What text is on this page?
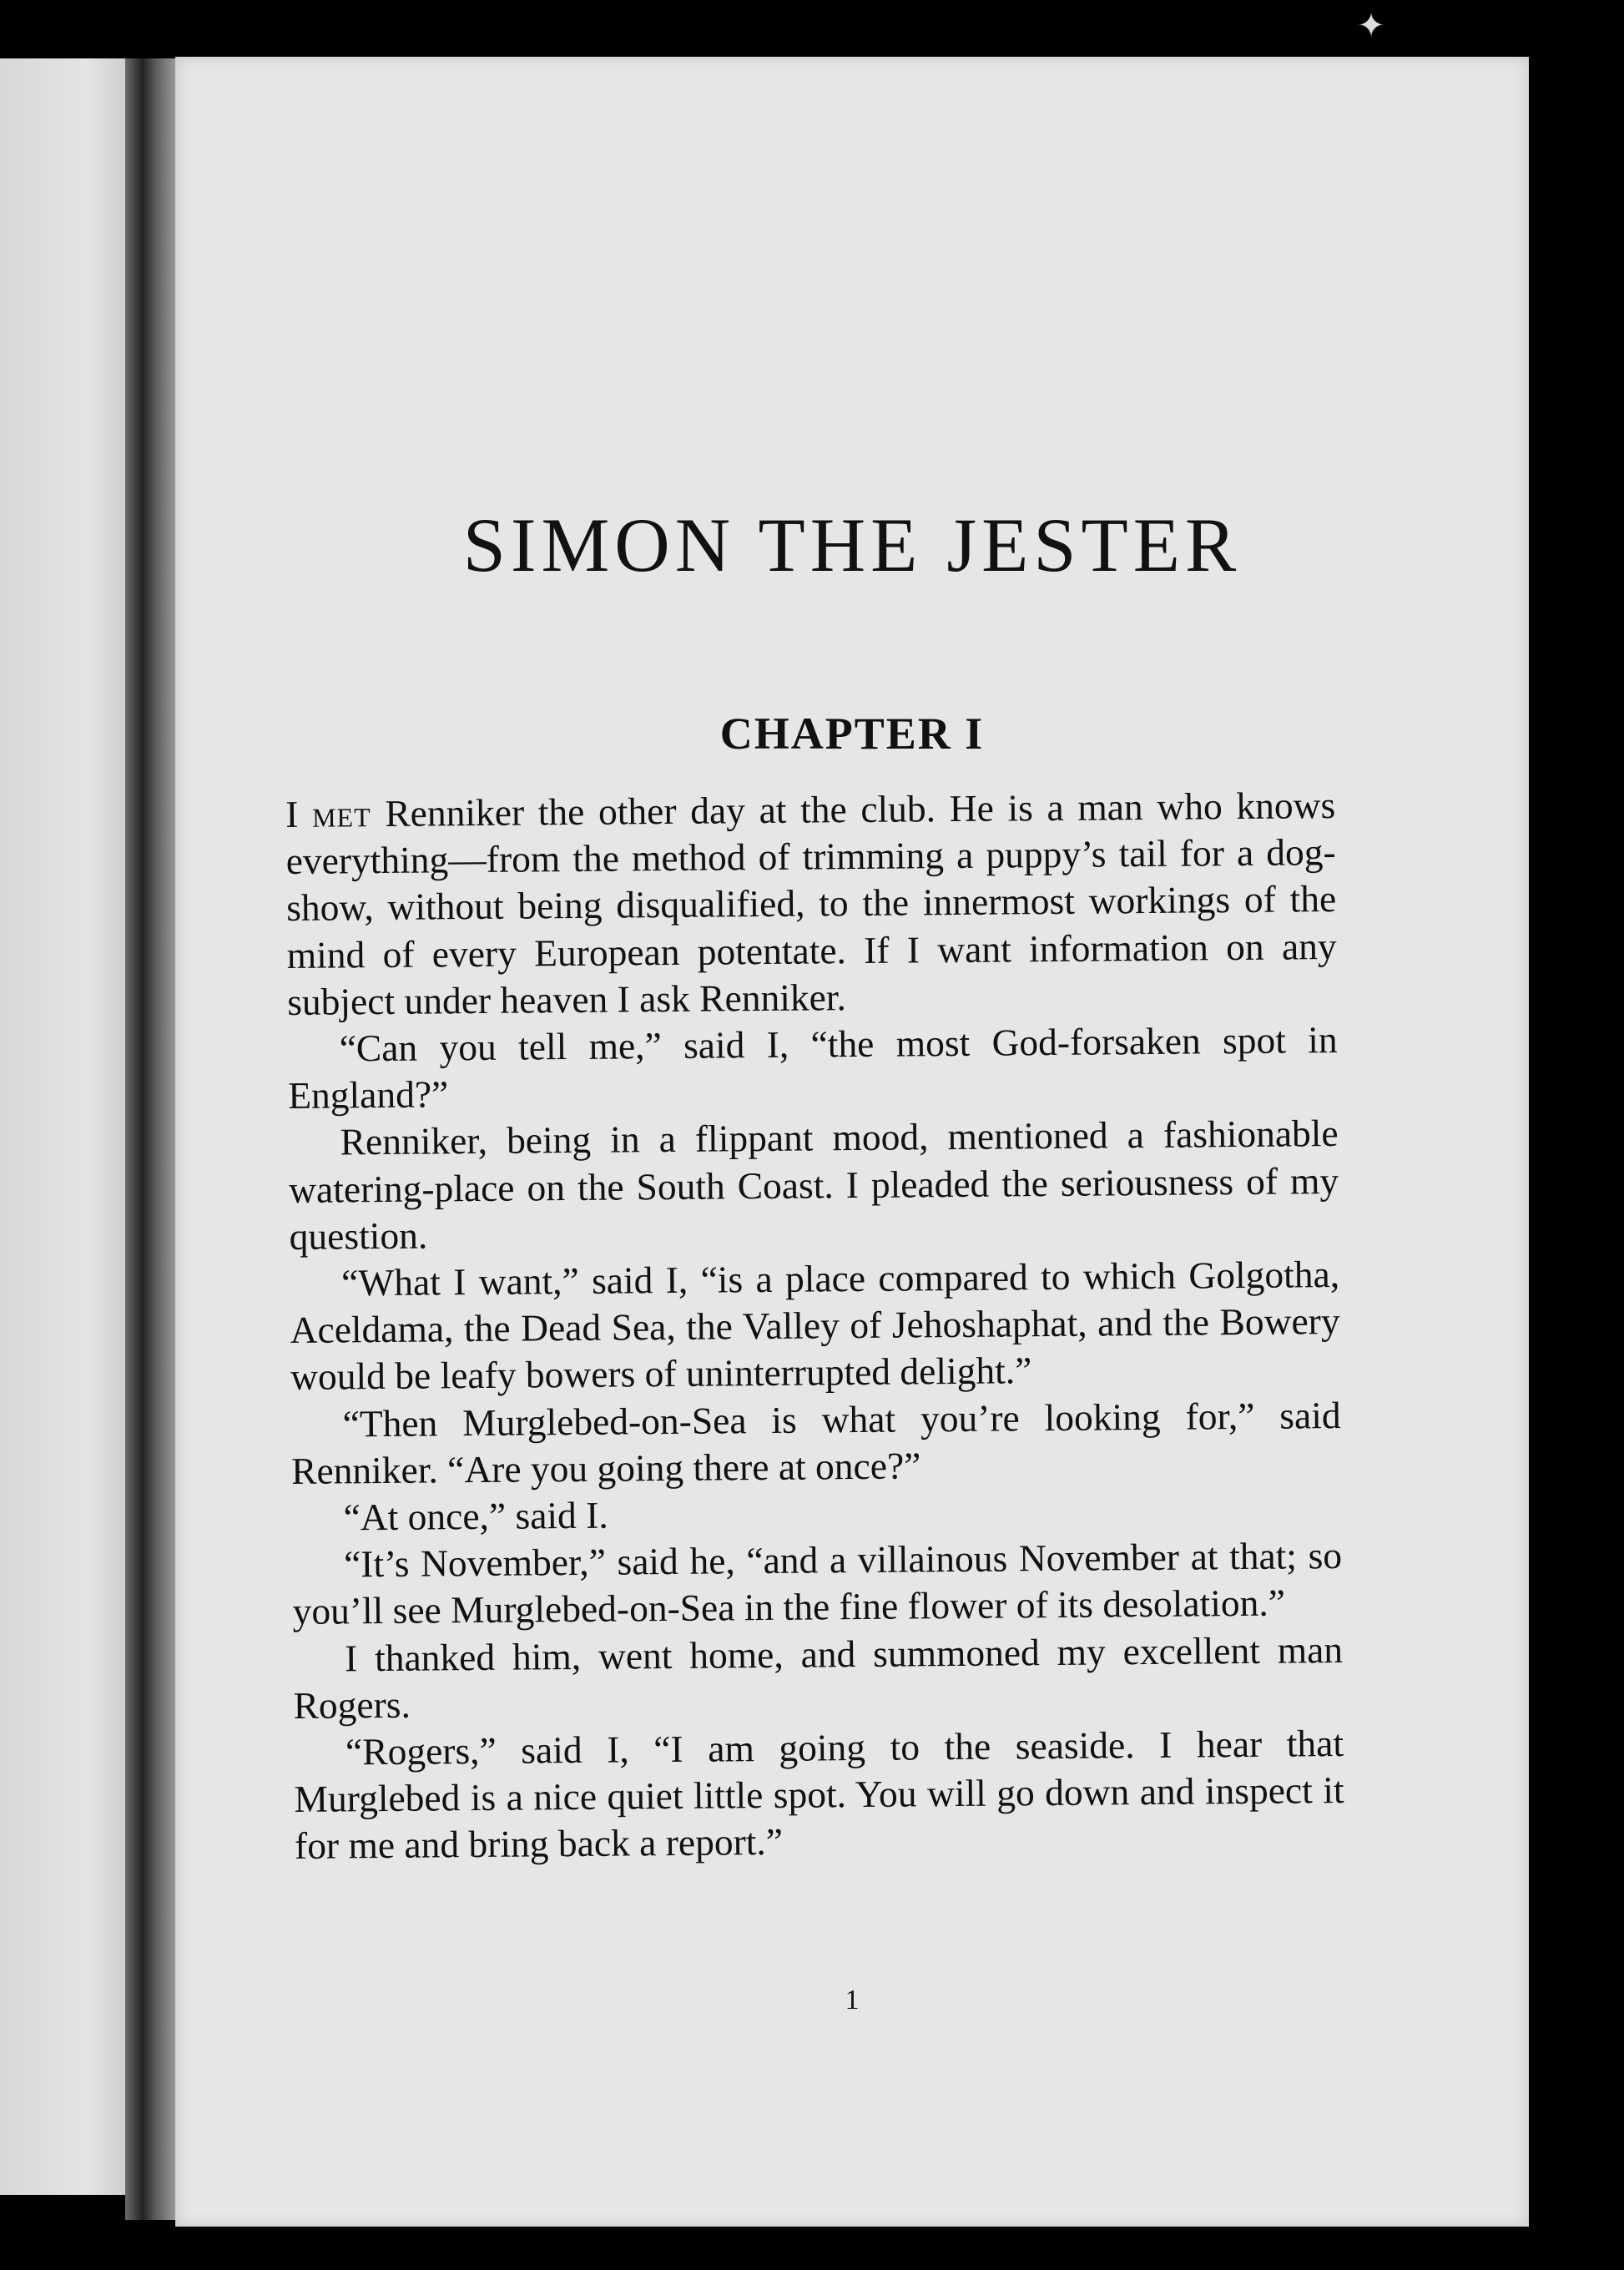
✦
SIMON THE JESTER
CHAPTER I

I met Renniker the other day at the club. He is a man who knows everything—from the method of trimming a puppy’s tail for a dog-show, without being disqualified, to the innermost workings of the mind of every European potentate. If I want information on any subject under heaven I ask Renniker.

“Can you tell me,” said I, “the most God-forsaken spot in England?”

Renniker, being in a flippant mood, mentioned a fashionable watering-place on the South Coast. I pleaded the seriousness of my question.

“What I want,” said I, “is a place compared to which Golgotha, Aceldama, the Dead Sea, the Valley of Jehoshaphat, and the Bowery would be leafy bowers of uninterrupted delight.”

“Then Murglebed-on-Sea is what you’re looking for,” said Renniker. “Are you going there at once?”

“At once,” said I.

“It’s November,” said he, “and a villainous November at that; so you’ll see Murglebed-on-Sea in the fine flower of its desolation.”

I thanked him, went home, and summoned my excellent man Rogers.

“Rogers,” said I, “I am going to the seaside. I hear that Murglebed is a nice quiet little spot. You will go down and inspect it for me and bring back a report.”

1
